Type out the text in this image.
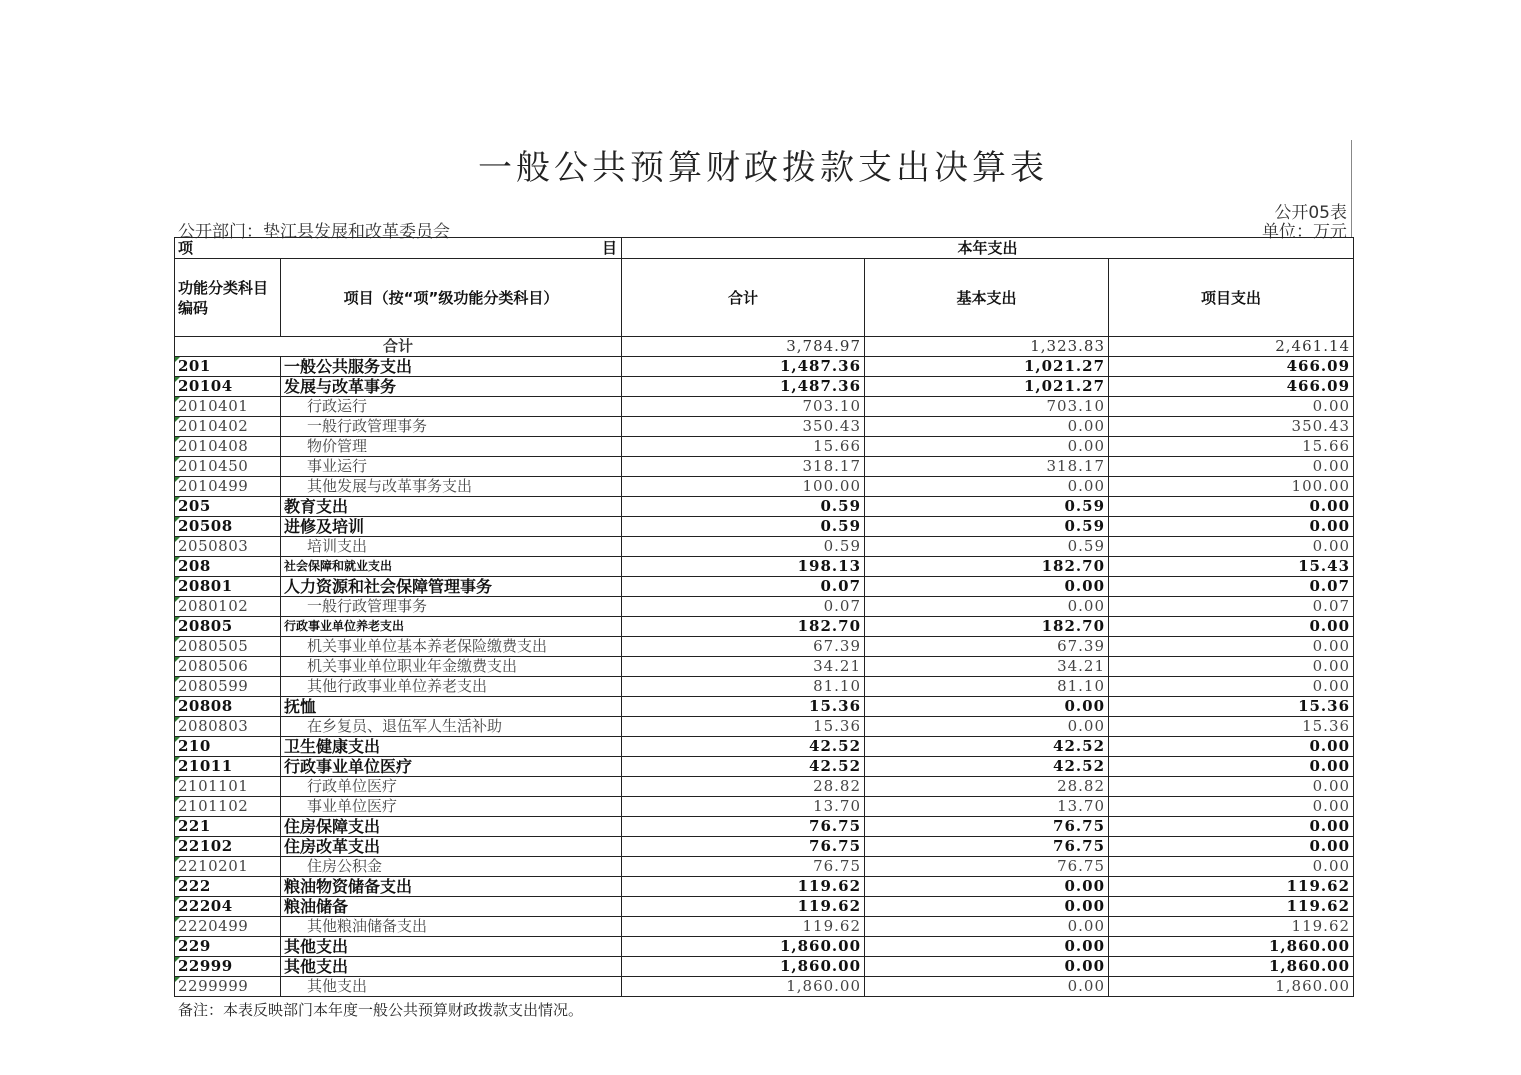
一般公共预算财政拨款支出决算表
公开05表
单位：万元
公开部门：垫江县发展和改革委员会
项 目		本年支出		
功能分类科目编码	项目（按“项”级功能分类科目）	合计	基本支出	项目支出
合计		3,784.97	1,323.83	2,461.14
201	一般公共服务支出	1,487.36	1,021.27	466.09
20104	发展与改革事务	1,487.36	1,021.27	466.09
2010401	行政运行	703.10	703.10	0.00
2010402	一般行政管理事务	350.43	0.00	350.43
2010408	物价管理	15.66	0.00	15.66
2010450	事业运行	318.17	318.17	0.00
2010499	其他发展与改革事务支出	100.00	0.00	100.00
205	教育支出	0.59	0.59	0.00
20508	进修及培训	0.59	0.59	0.00
2050803	培训支出	0.59	0.59	0.00
208	社会保障和就业支出	198.13	182.70	15.43
20801	人力资源和社会保障管理事务	0.07	0.00	0.07
2080102	一般行政管理事务	0.07	0.00	0.07
20805	行政事业单位养老支出	182.70	182.70	0.00
2080505	机关事业单位基本养老保险缴费支出	67.39	67.39	0.00
2080506	机关事业单位职业年金缴费支出	34.21	34.21	0.00
2080599	其他行政事业单位养老支出	81.10	81.10	0.00
20808	抚恤	15.36	0.00	15.36
2080803	在乡复员、退伍军人生活补助	15.36	0.00	15.36
210	卫生健康支出	42.52	42.52	0.00
21011	行政事业单位医疗	42.52	42.52	0.00
2101101	行政单位医疗	28.82	28.82	0.00
2101102	事业单位医疗	13.70	13.70	0.00
221	住房保障支出	76.75	76.75	0.00
22102	住房改革支出	76.75	76.75	0.00
2210201	住房公积金	76.75	76.75	0.00
222	粮油物资储备支出	119.62	0.00	119.62
22204	粮油储备	119.62	0.00	119.62
2220499	其他粮油储备支出	119.62	0.00	119.62
229	其他支出	1,860.00	0.00	1,860.00
22999	其他支出	1,860.00	0.00	1,860.00
2299999	其他支出	1,860.00	0.00	1,860.00
备注：本表反映部门本年度一般公共预算财政拨款支出情况。
